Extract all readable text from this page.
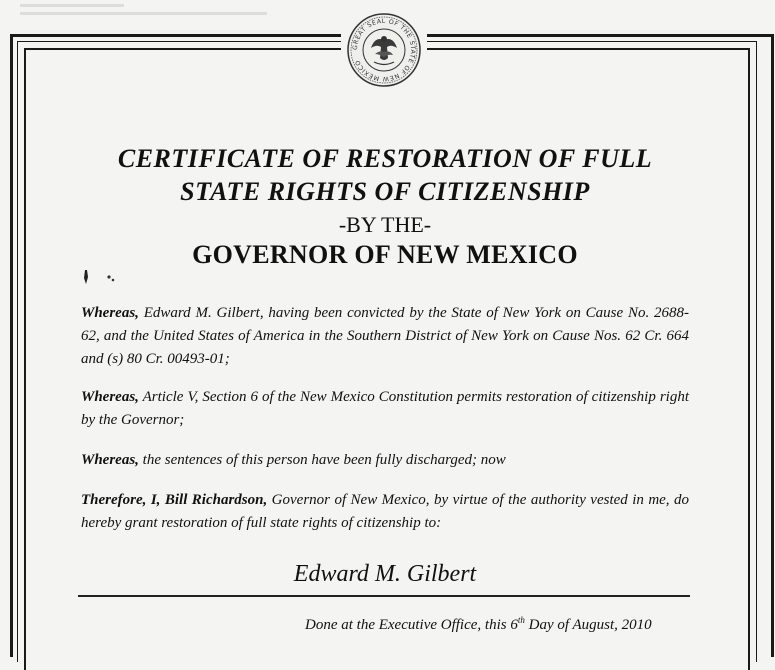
GREAT SEAL OF THE STATE OF NEW MEXICO
CERTIFICATE OF RESTORATION OF FULL
STATE RIGHTS OF CITIZENSHIP
-BY THE-
GOVERNOR OF NEW MEXICO
Whereas, Edward M. Gilbert, having been convicted by the State of New York on Cause No. 2688-62, and the United States of America in the Southern District of New York on Cause Nos. 62 Cr. 664 and (s) 80 Cr. 00493-01;
Whereas, Article V, Section 6 of the New Mexico Constitution permits restoration of citizenship right by the Governor;
Whereas, the sentences of this person have been fully discharged; now
Therefore, I, Bill Richardson, Governor of New Mexico, by virtue of the authority vested in me, do hereby grant restoration of full state rights of citizenship to:
Edward M. Gilbert
Done at the Executive Office, this 6th Day of August, 2010
